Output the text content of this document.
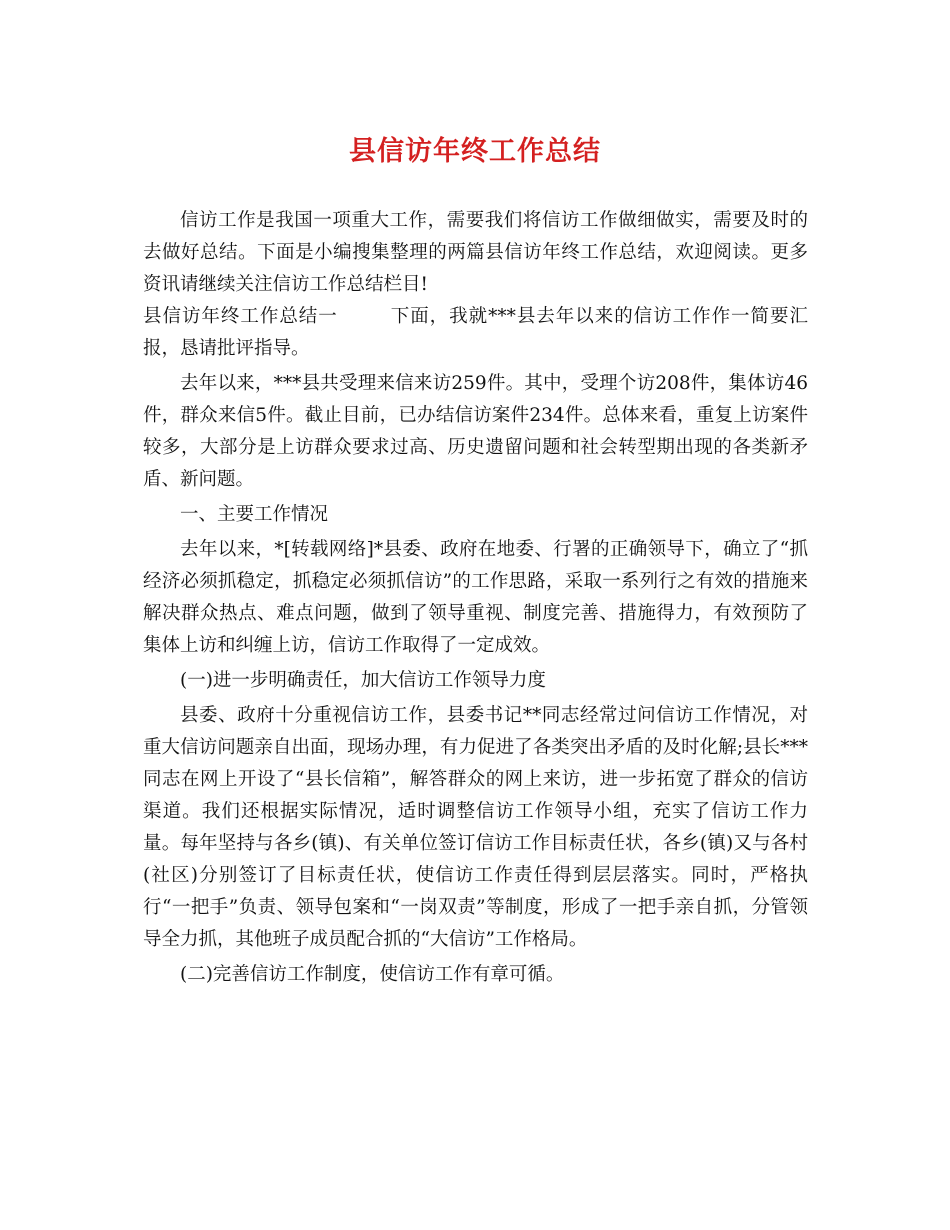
县信访年终工作总结

信访工作是我国一项重大工作，需要我们将信访工作做细做实，需要及时的去做好总结。下面是小编搜集整理的两篇县信访年终工作总结，欢迎阅读。更多资讯请继续关注信访工作总结栏目!

县信访年终工作总结一	下面，我就***县去年以来的信访工作作一简要汇报，恳请批评指导。

去年以来，***县共受理来信来访259件。其中，受理个访208件，集体访46件，群众来信5件。截止目前，已办结信访案件234件。总体来看，重复上访案件较多，大部分是上访群众要求过高、历史遗留问题和社会转型期出现的各类新矛盾、新问题。

一、主要工作情况

去年以来，*[转载网络]*县委、政府在地委、行署的正确领导下，确立了“抓经济必须抓稳定，抓稳定必须抓信访”的工作思路，采取一系列行之有效的措施来解决群众热点、难点问题，做到了领导重视、制度完善、措施得力，有效预防了集体上访和纠缠上访，信访工作取得了一定成效。

(一)进一步明确责任，加大信访工作领导力度

县委、政府十分重视信访工作，县委书记**同志经常过问信访工作情况，对重大信访问题亲自出面，现场办理，有力促进了各类突出矛盾的及时化解;县长***同志在网上开设了“县长信箱”，解答群众的网上来访，进一步拓宽了群众的信访渠道。我们还根据实际情况，适时调整信访工作领导小组，充实了信访工作力量。每年坚持与各乡(镇)、有关单位签订信访工作目标责任状，各乡(镇)又与各村(社区)分别签订了目标责任状，使信访工作责任得到层层落实。同时，严格执行“一把手”负责、领导包案和“一岗双责”等制度，形成了一把手亲自抓，分管领导全力抓，其他班子成员配合抓的“大信访”工作格局。

(二)完善信访工作制度，使信访工作有章可循。
